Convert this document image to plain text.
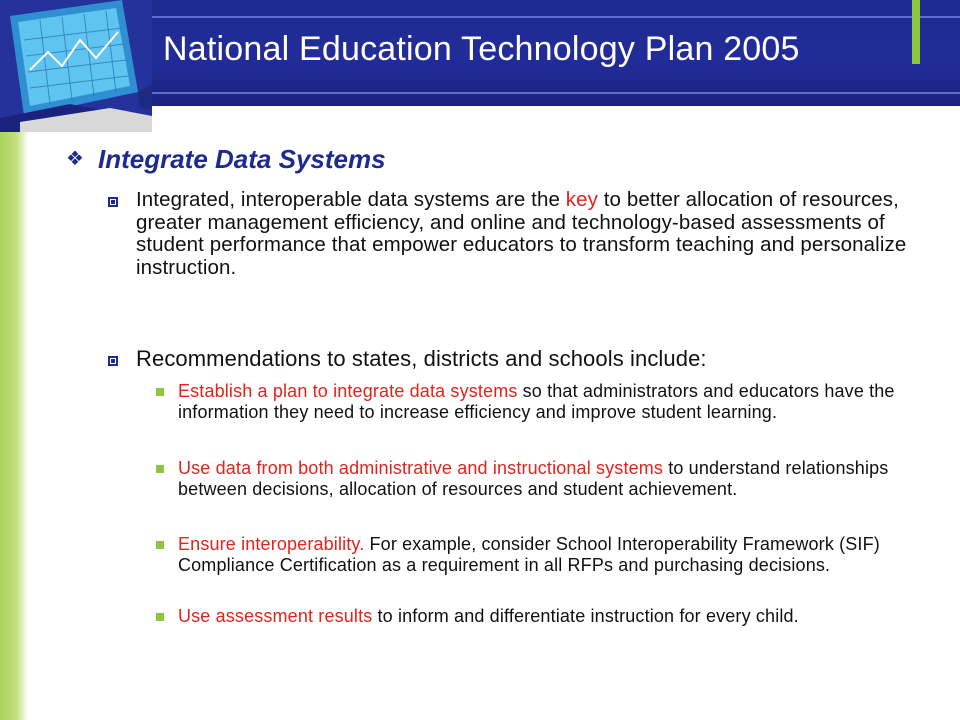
National Education Technology Plan 2005
❖ Integrate Data Systems
Integrated, interoperable data systems are the key to better allocation of resources, greater management efficiency, and online and technology-based assessments of student performance that empower educators to transform teaching and personalize instruction.
Recommendations to states, districts and schools include:
Establish a plan to integrate data systems so that administrators and educators have the information they need to increase efficiency and improve student learning.
Use data from both administrative and instructional systems to understand relationships between decisions, allocation of resources and student achievement.
Ensure interoperability. For example, consider School Interoperability Framework (SIF) Compliance Certification as a requirement in all RFPs and purchasing decisions.
Use assessment results to inform and differentiate instruction for every child.
